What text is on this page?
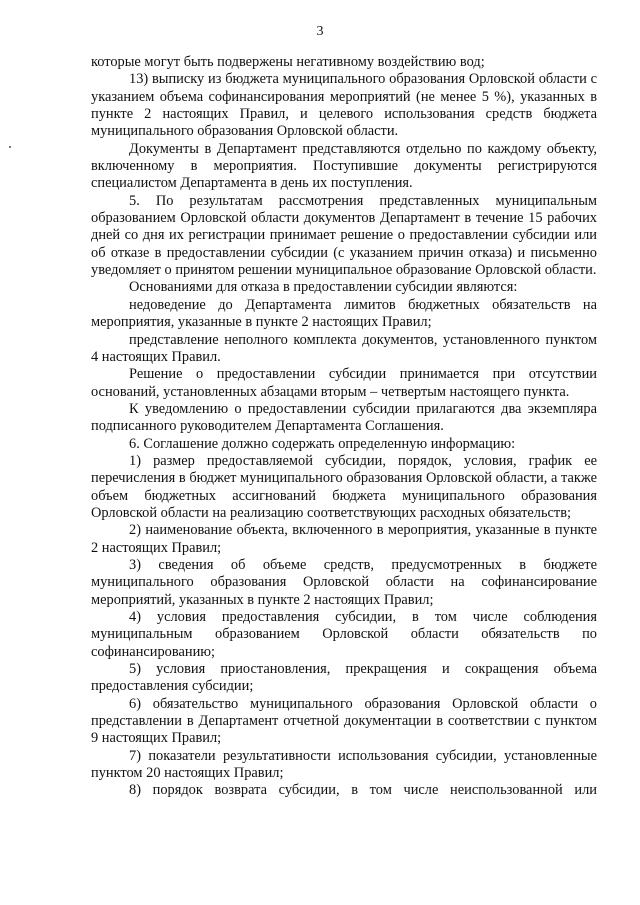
3

которые могут быть подвержены негативному воздействию вод;

13) выписку из бюджета муниципального образования Орловской области с указанием объема софинансирования мероприятий (не менее 5 %), указанных в пункте 2 настоящих Правил, и целевого использования средств бюджета муниципального образования Орловской области.

Документы в Департамент представляются отдельно по каждому объекту, включенному в мероприятия. Поступившие документы регистрируются специалистом Департамента в день их поступления.

5. По результатам рассмотрения представленных муниципальным образованием Орловской области документов Департамент в течение 15 рабочих дней со дня их регистрации принимает решение о предоставлении субсидии или об отказе в предоставлении субсидии (с указанием причин отказа) и письменно уведомляет о принятом решении муниципальное образование Орловской области.

Основаниями для отказа в предоставлении субсидии являются:

недоведение до Департамента лимитов бюджетных обязательств на мероприятия, указанные в пункте 2 настоящих Правил;

представление неполного комплекта документов, установленного пунктом 4 настоящих Правил.

Решение о предоставлении субсидии принимается при отсутствии оснований, установленных абзацами вторым – четвертым настоящего пункта.

К уведомлению о предоставлении субсидии прилагаются два экземпляра подписанного руководителем Департамента Соглашения.

6. Соглашение должно содержать определенную информацию:

1) размер предоставляемой субсидии, порядок, условия, график ее перечисления в бюджет муниципального образования Орловской области, а также объем бюджетных ассигнований бюджета муниципального образования Орловской области на реализацию соответствующих расходных обязательств;

2) наименование объекта, включенного в мероприятия, указанные в пункте 2 настоящих Правил;

3) сведения об объеме средств, предусмотренных в бюджете муниципального образования Орловской области на софинансирование мероприятий, указанных в пункте 2 настоящих Правил;

4) условия предоставления субсидии, в том числе соблюдения муниципальным образованием Орловской области обязательств по софинансированию;

5) условия приостановления, прекращения и сокращения объема предоставления субсидии;

6) обязательство муниципального образования Орловской области о представлении в Департамент отчетной документации в соответствии с пунктом 9 настоящих Правил;

7) показатели результативности использования субсидии, установленные пунктом 20 настоящих Правил;

8) порядок возврата субсидии, в том числе неиспользованной или
